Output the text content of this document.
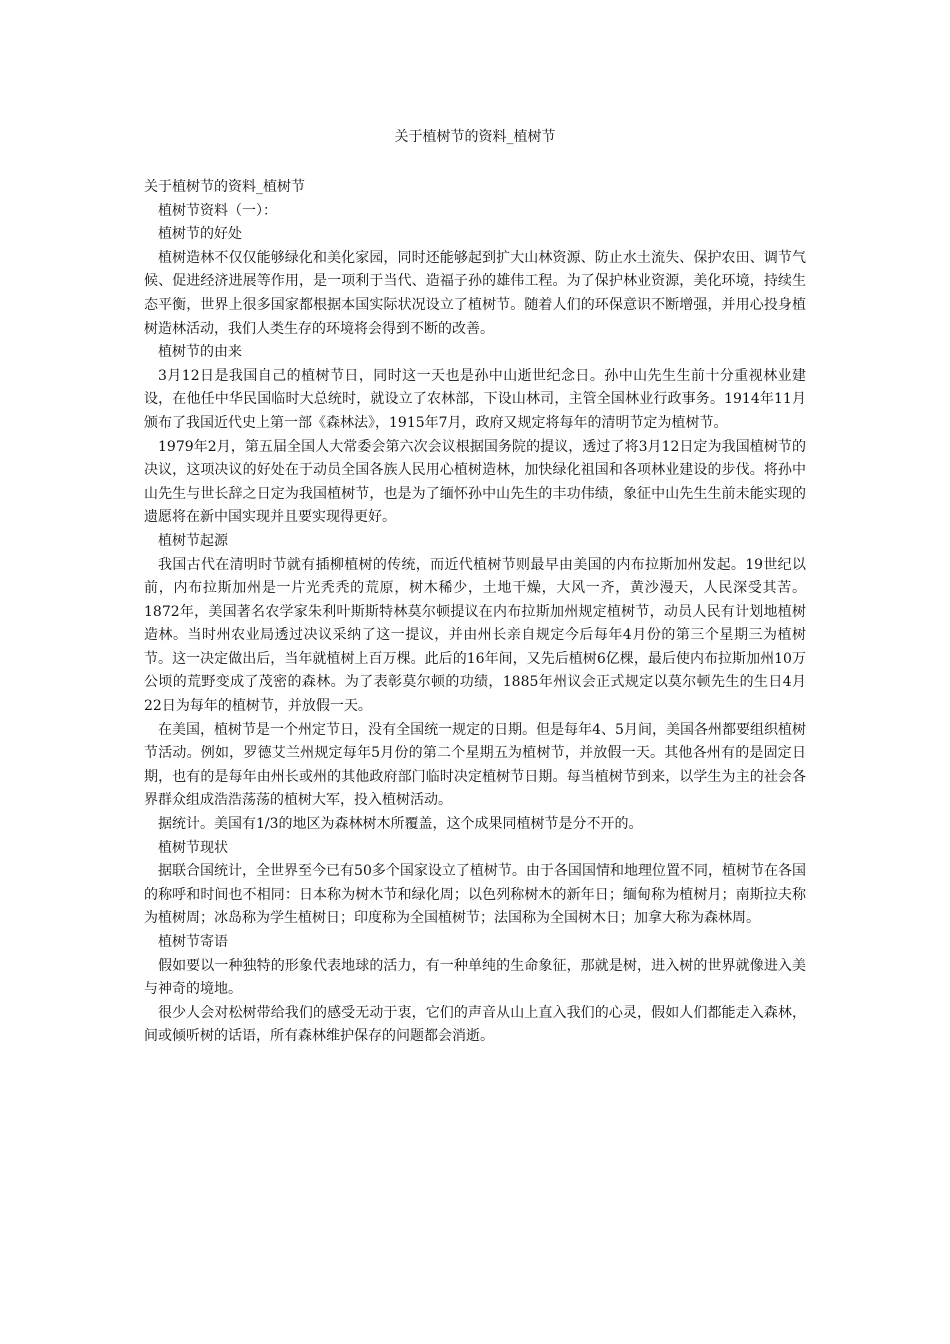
关于植树节的资料_植树节

关于植树节的资料_植树节

植树节资料（一）：

植树节的好处

植树造林不仅仅能够绿化和美化家园，同时还能够起到扩大山林资源、防止水土流失、保护农田、调节气候、促进经济进展等作用，是一项利于当代、造福子孙的雄伟工程。为了保护林业资源，美化环境，持续生态平衡，世界上很多国家都根据本国实际状况设立了植树节。随着人们的环保意识不断增强，并用心投身植树造林活动，我们人类生存的环境将会得到不断的改善。

植树节的由来

3月12日是我国自己的植树节日，同时这一天也是孙中山逝世纪念日。孙中山先生生前十分重视林业建设，在他任中华民国临时大总统时，就设立了农林部，下设山林司，主管全国林业行政事务。1914年11月颁布了我国近代史上第一部《森林法》，1915年7月，政府又规定将每年的清明节定为植树节。

1979年2月，第五届全国人大常委会第六次会议根据国务院的提议，透过了将3月12日定为我国植树节的决议，这项决议的好处在于动员全国各族人民用心植树造林，加快绿化祖国和各项林业建设的步伐。将孙中山先生与世长辞之日定为我国植树节，也是为了缅怀孙中山先生的丰功伟绩，象征中山先生生前未能实现的遗愿将在新中国实现并且要实现得更好。

植树节起源

我国古代在清明时节就有插柳植树的传统，而近代植树节则最早由美国的内布拉斯加州发起。19世纪以前，内布拉斯加州是一片光秃秃的荒原，树木稀少，土地干燥，大风一齐，黄沙漫天，人民深受其苦。1872年，美国著名农学家朱利叶斯斯特林莫尔顿提议在内布拉斯加州规定植树节，动员人民有计划地植树造林。当时州农业局透过决议采纳了这一提议，并由州长亲自规定今后每年4月份的第三个星期三为植树节。这一决定做出后，当年就植树上百万棵。此后的16年间，又先后植树6亿棵，最后使内布拉斯加州10万公顷的荒野变成了茂密的森林。为了表彰莫尔顿的功绩，1885年州议会正式规定以莫尔顿先生的生日4月22日为每年的植树节，并放假一天。

在美国，植树节是一个州定节日，没有全国统一规定的日期。但是每年4、5月间，美国各州都要组织植树节活动。例如，罗德艾兰州规定每年5月份的第二个星期五为植树节，并放假一天。其他各州有的是固定日期，也有的是每年由州长或州的其他政府部门临时决定植树节日期。每当植树节到来，以学生为主的社会各界群众组成浩浩荡荡的植树大军，投入植树活动。

据统计。美国有1/3的地区为森林树木所覆盖，这个成果同植树节是分不开的。

植树节现状

据联合国统计，全世界至今已有50多个国家设立了植树节。由于各国国情和地理位置不同，植树节在各国的称呼和时间也不相同：日本称为树木节和绿化周；以色列称树木的新年日；缅甸称为植树月；南斯拉夫称为植树周；冰岛称为学生植树日；印度称为全国植树节；法国称为全国树木日；加拿大称为森林周。

植树节寄语

假如要以一种独特的形象代表地球的活力，有一种单纯的生命象征，那就是树，进入树的世界就像进入美与神奇的境地。

很少人会对松树带给我们的感受无动于衷，它们的声音从山上直入我们的心灵，假如人们都能走入森林，间或倾听树的话语，所有森林维护保存的问题都会消逝。
